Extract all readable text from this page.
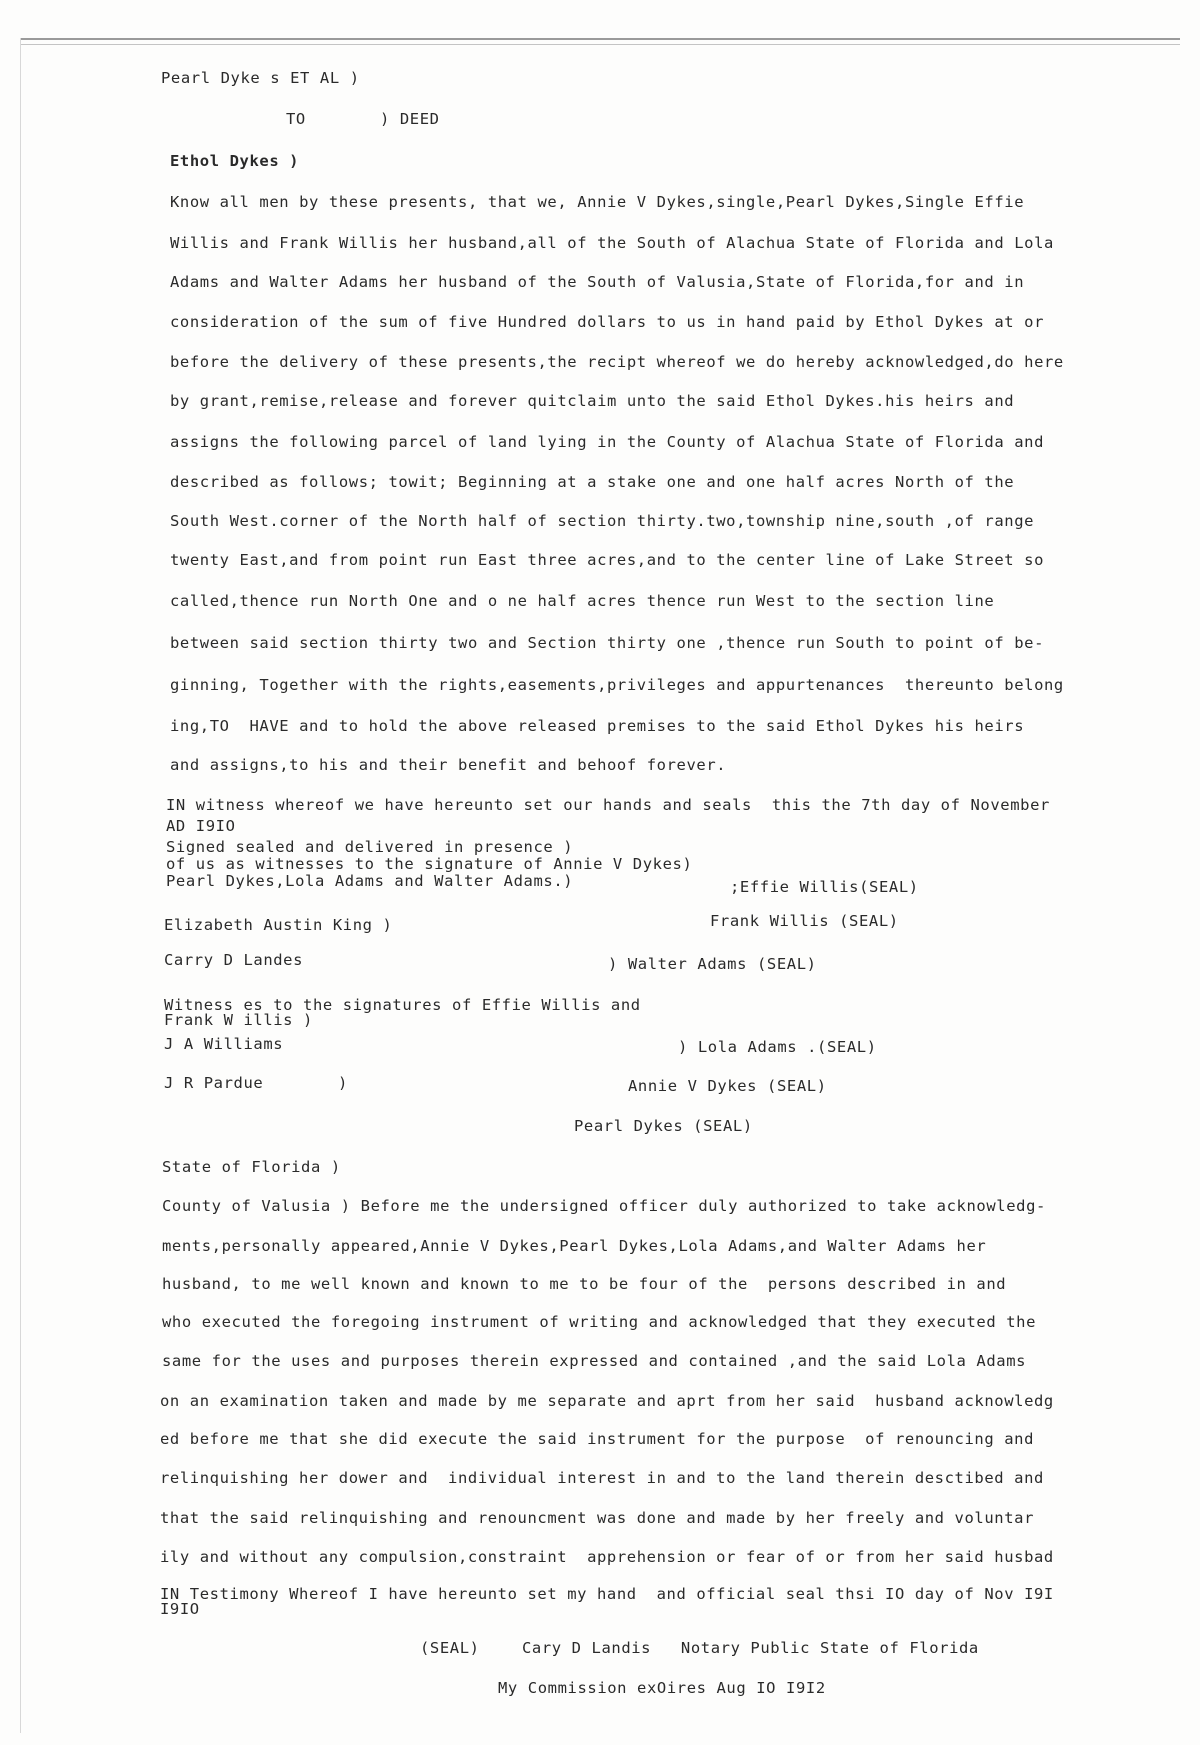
Pearl Dyke s ET AL )
TO	) DEED
Ethol Dykes )
Know all men by these presents, that we, Annie V Dykes,single,Pearl Dykes,Single Effie
Willis and Frank Willis her husband,all of the South of Alachua State of Florida and Lola
Adams and Walter Adams her husband of the South of Valusia,State of Florida,for and in
consideration of the sum of five Hundred dollars to us in hand paid by Ethol Dykes at or
before the delivery of these presents,the recipt whereof we do hereby acknowledged,do here
by grant,remise,release and forever quitclaim unto the said Ethol Dykes.his heirs and
assigns the following parcel of land lying in the County of Alachua State of Florida and
described as follows; towit; Beginning at a stake one and one half acres North of the
South West.corner of the North half of section thirty.two,township nine,south ,of range
twenty East,and from point run East three acres,and to the center line of Lake Street so
called,thence run North One and o ne half acres thence run West to the section line
between said section thirty two and Section thirty one ,thence run South to point of be-
ginning, Together with the rights,easements,privileges and appurtenances  thereunto belong
ing,TO  HAVE and to hold the above released premises to the said Ethol Dykes his heirs
and assigns,to his and their benefit and behoof forever.
IN witness whereof we have hereunto set our hands and seals  this the 7th day of November
AD I9IO
Signed sealed and delivered in presence )
of us as witnesses to the signature of Annie V Dykes)
Pearl Dykes,Lola Adams and Walter Adams.)	;Effie Willis(SEAL)
Elizabeth Austin King )	Frank Willis (SEAL)
Carry D Landes	) Walter Adams (SEAL)
Witness es to the signatures of Effie Willis and
Frank W illis )
J A Williams	) Lola Adams .(SEAL)
J R Pardue	)	Annie V Dykes (SEAL)
Pearl Dykes (SEAL)
State of Florida )
County of Valusia ) Before me the undersigned officer duly authorized to take acknowledg-
ments,personally appeared,Annie V Dykes,Pearl Dykes,Lola Adams,and Walter Adams her
husband, to me well known and known to me to be four of the  persons described in and
who executed the foregoing instrument of writing and acknowledged that they executed the
same for the uses and purposes therein expressed and contained ,and the said Lola Adams
on an examination taken and made by me separate and aprt from her said  husband acknowledg
ed before me that she did execute the said instrument for the purpose  of renouncing and
relinquishing her dower and  individual interest in and to the land therein desctibed and
that the said relinquishing and renouncment was done and made by her freely and voluntar
ily and without any compulsion,constraint  apprehension or fear of or from her said husbad
IN Testimony Whereof I have hereunto set my hand  and official seal thsi IO day of Nov I9I
I9IO
(SEAL)	Cary D Landis   Notary Public State of Florida
My Commission exOires Aug IO I9I2
